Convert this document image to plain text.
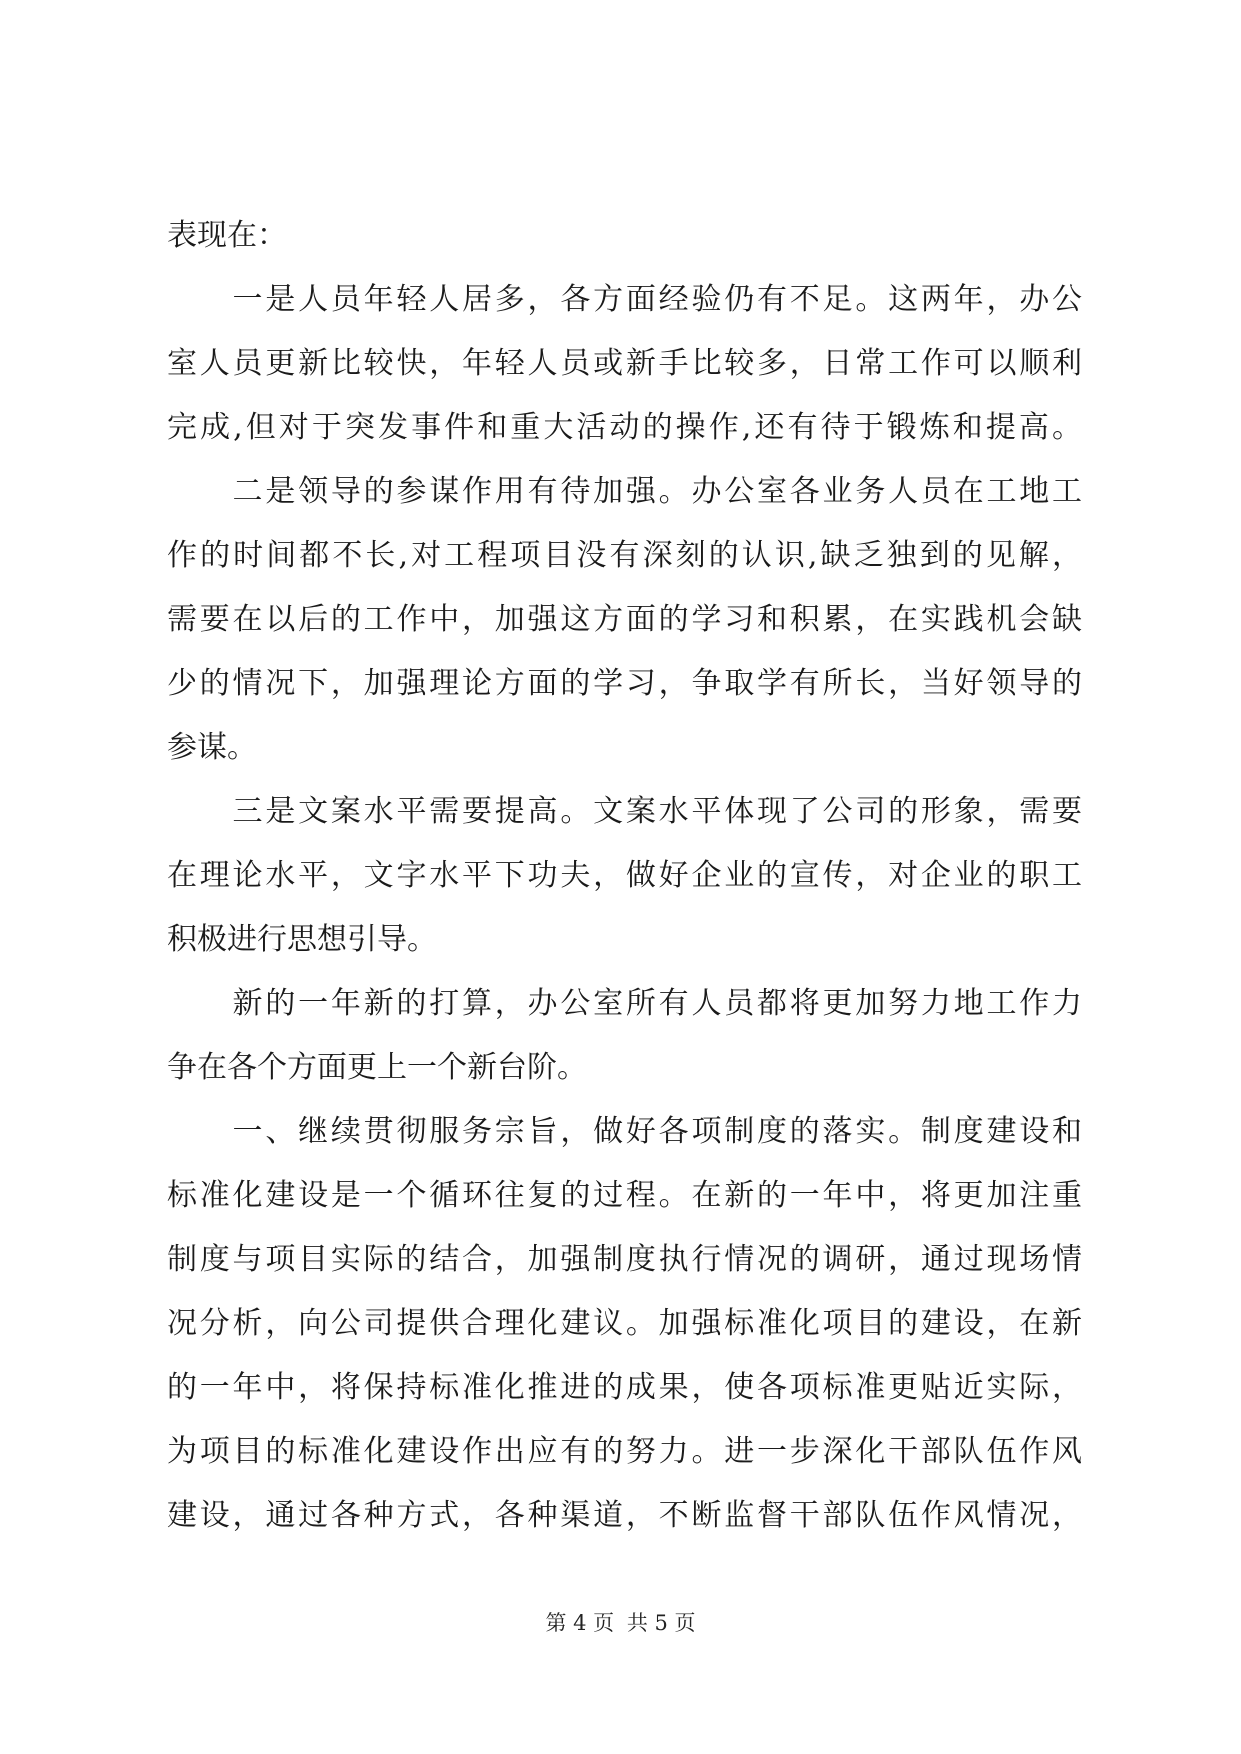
表现在：
　　一是人员年轻人居多，各方面经验仍有不足。这两年，办公
室人员更新比较快，年轻人员或新手比较多，日常工作可以顺利
完成,但对于突发事件和重大活动的操作,还有待于锻炼和提高。
　　二是领导的参谋作用有待加强。办公室各业务人员在工地工
作的时间都不长,对工程项目没有深刻的认识,缺乏独到的见解，
需要在以后的工作中，加强这方面的学习和积累，在实践机会缺
少的情况下，加强理论方面的学习，争取学有所长，当好领导的
参谋。
　　三是文案水平需要提高。文案水平体现了公司的形象，需要
在理论水平，文字水平下功夫，做好企业的宣传，对企业的职工
积极进行思想引导。
　　新的一年新的打算，办公室所有人员都将更加努力地工作力
争在各个方面更上一个新台阶。
　　一、继续贯彻服务宗旨，做好各项制度的落实。制度建设和
标准化建设是一个循环往复的过程。在新的一年中，将更加注重
制度与项目实际的结合，加强制度执行情况的调研，通过现场情
况分析，向公司提供合理化建议。加强标准化项目的建设，在新
的一年中，将保持标准化推进的成果，使各项标准更贴近实际，
为项目的标准化建设作出应有的努力。进一步深化干部队伍作风
建设，通过各种方式，各种渠道，不断监督干部队伍作风情况，
第 4 页 共 5 页
